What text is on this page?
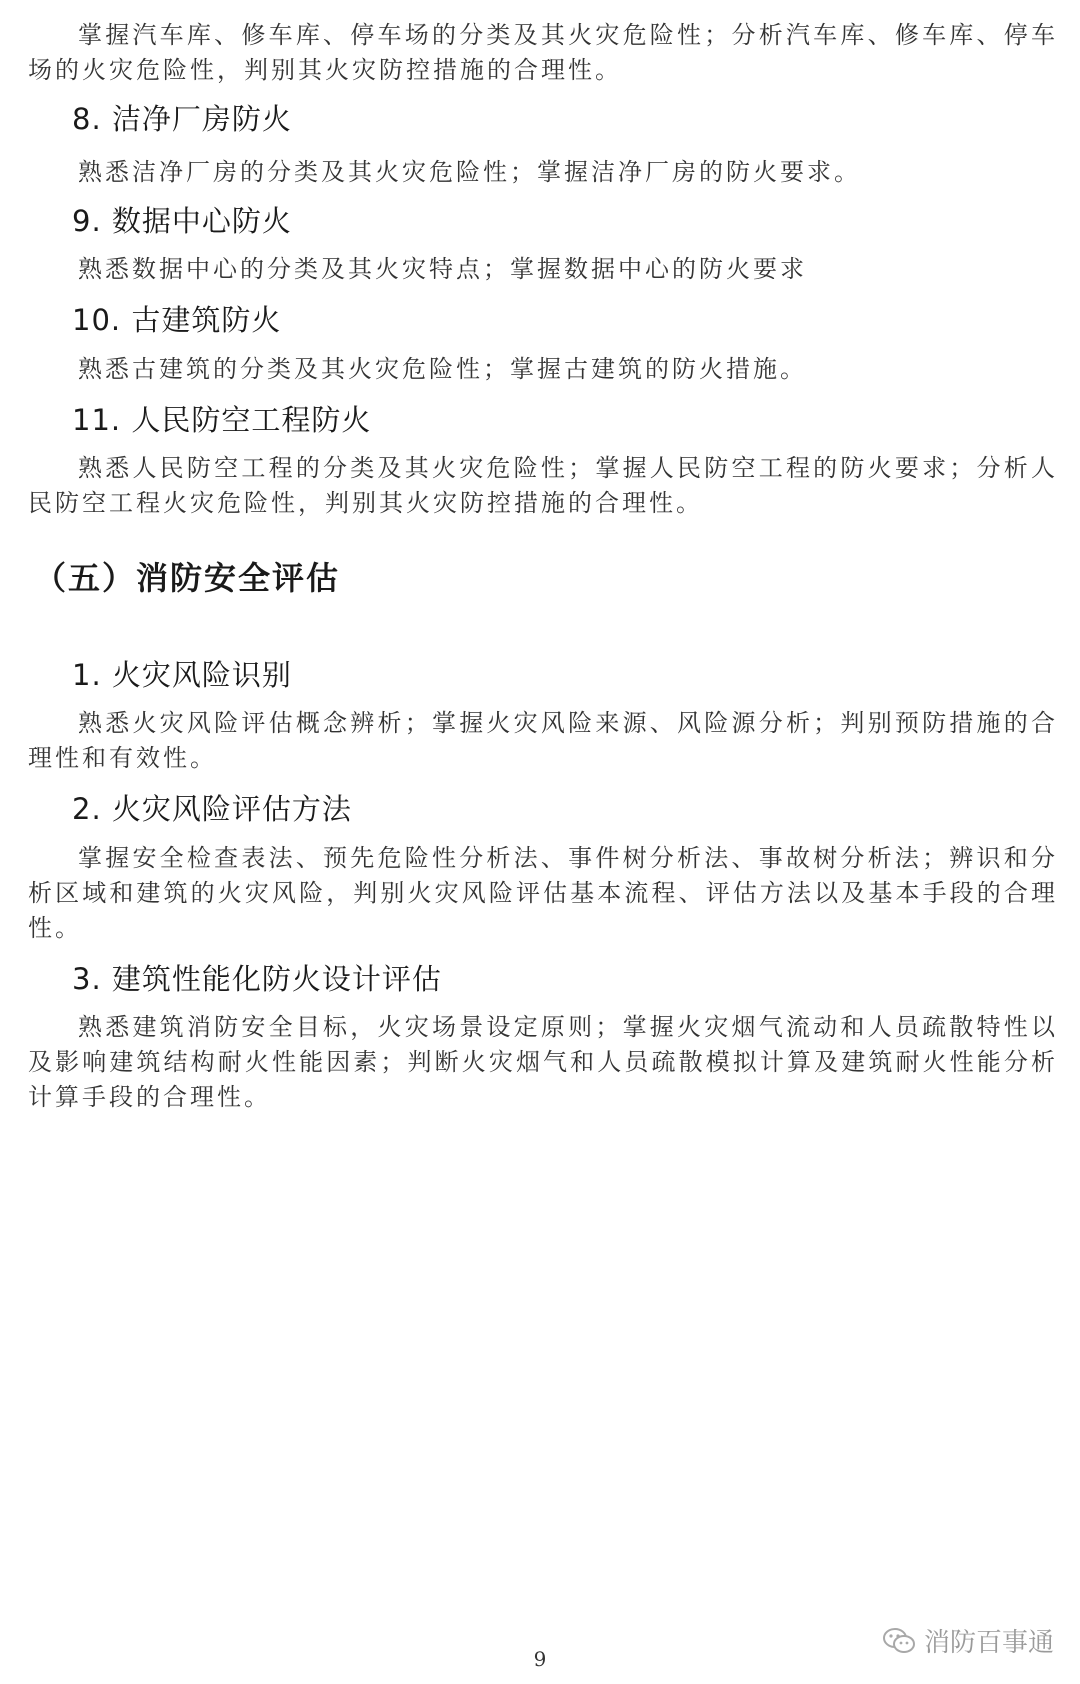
掌握汽车库、修车库、停车场的分类及其火灾危险性；分析汽车库、修车库、停车场的火灾危险性，判别其火灾防控措施的合理性。
8. 洁净厂房防火
熟悉洁净厂房的分类及其火灾危险性；掌握洁净厂房的防火要求。
9. 数据中心防火
熟悉数据中心的分类及其火灾特点；掌握数据中心的防火要求
10. 古建筑防火
熟悉古建筑的分类及其火灾危险性；掌握古建筑的防火措施。
11. 人民防空工程防火
熟悉人民防空工程的分类及其火灾危险性；掌握人民防空工程的防火要求；分析人民防空工程火灾危险性，判别其火灾防控措施的合理性。
（五）消防安全评估
1. 火灾风险识别
熟悉火灾风险评估概念辨析；掌握火灾风险来源、风险源分析；判别预防措施的合理性和有效性。
2. 火灾风险评估方法
掌握安全检查表法、预先危险性分析法、事件树分析法、事故树分析法；辨识和分析区域和建筑的火灾风险，判别火灾风险评估基本流程、评估方法以及基本手段的合理性。
3. 建筑性能化防火设计评估
熟悉建筑消防安全目标，火灾场景设定原则；掌握火灾烟气流动和人员疏散特性以及影响建筑结构耐火性能因素；判断火灾烟气和人员疏散模拟计算及建筑耐火性能分析计算手段的合理性。
9
消防百事通
